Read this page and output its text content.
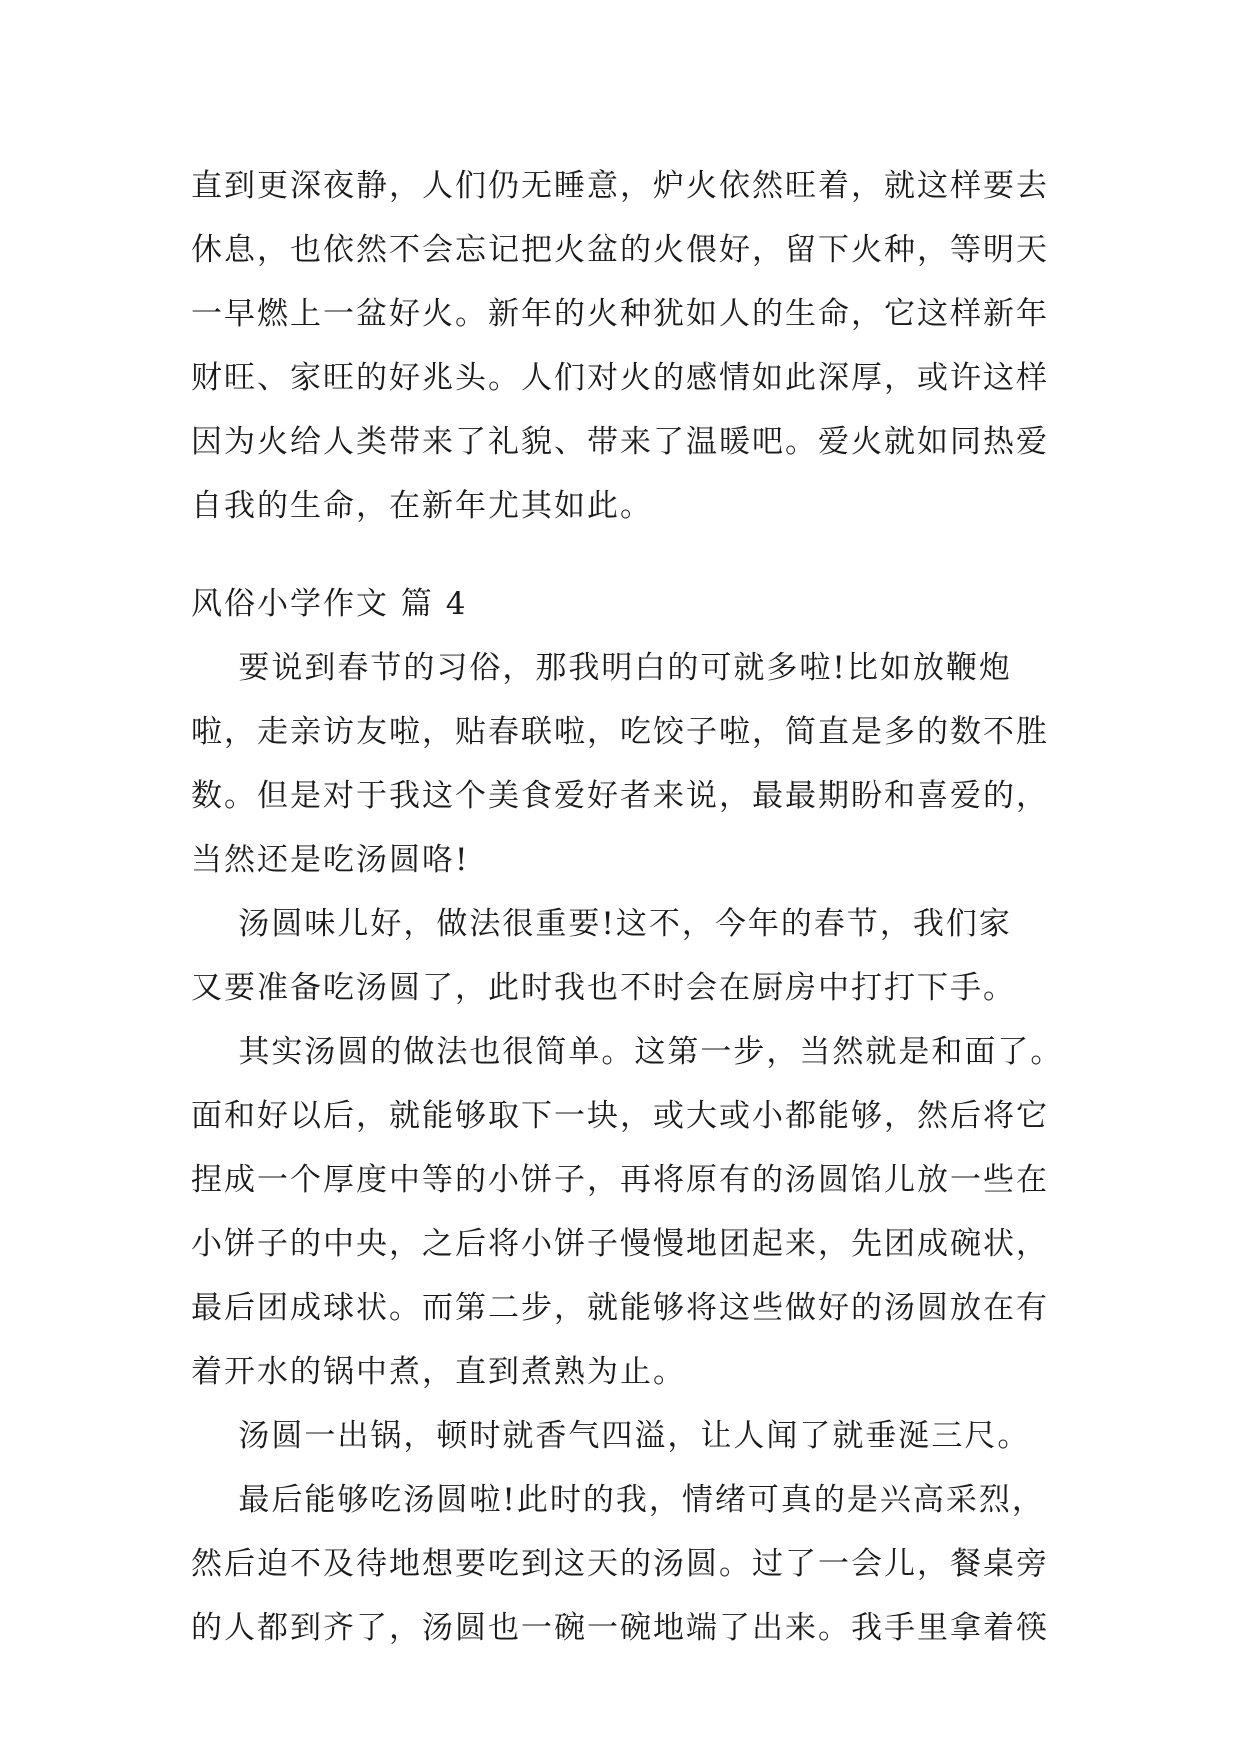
直到更深夜静，人们仍无睡意，炉火依然旺着，就这样要去
休息，也依然不会忘记把火盆的火偎好，留下火种，等明天
一早燃上一盆好火。新年的火种犹如人的生命，它这样新年
财旺、家旺的好兆头。人们对火的感情如此深厚，或许这样
因为火给人类带来了礼貌、带来了温暖吧。爱火就如同热爱
自我的生命，在新年尤其如此。
风俗小学作文 篇 4
要说到春节的习俗，那我明白的可就多啦!比如放鞭炮
啦，走亲访友啦，贴春联啦，吃饺子啦，简直是多的数不胜
数。但是对于我这个美食爱好者来说，最最期盼和喜爱的，
当然还是吃汤圆咯!
汤圆味儿好，做法很重要!这不，今年的春节，我们家
又要准备吃汤圆了，此时我也不时会在厨房中打打下手。
其实汤圆的做法也很简单。这第一步，当然就是和面了。
面和好以后，就能够取下一块，或大或小都能够，然后将它
捏成一个厚度中等的小饼子，再将原有的汤圆馅儿放一些在
小饼子的中央，之后将小饼子慢慢地团起来，先团成碗状，
最后团成球状。而第二步，就能够将这些做好的汤圆放在有
着开水的锅中煮，直到煮熟为止。
汤圆一出锅，顿时就香气四溢，让人闻了就垂涎三尺。
最后能够吃汤圆啦!此时的我，情绪可真的是兴高采烈，
然后迫不及待地想要吃到这天的汤圆。过了一会儿，餐桌旁
的人都到齐了，汤圆也一碗一碗地端了出来。我手里拿着筷
